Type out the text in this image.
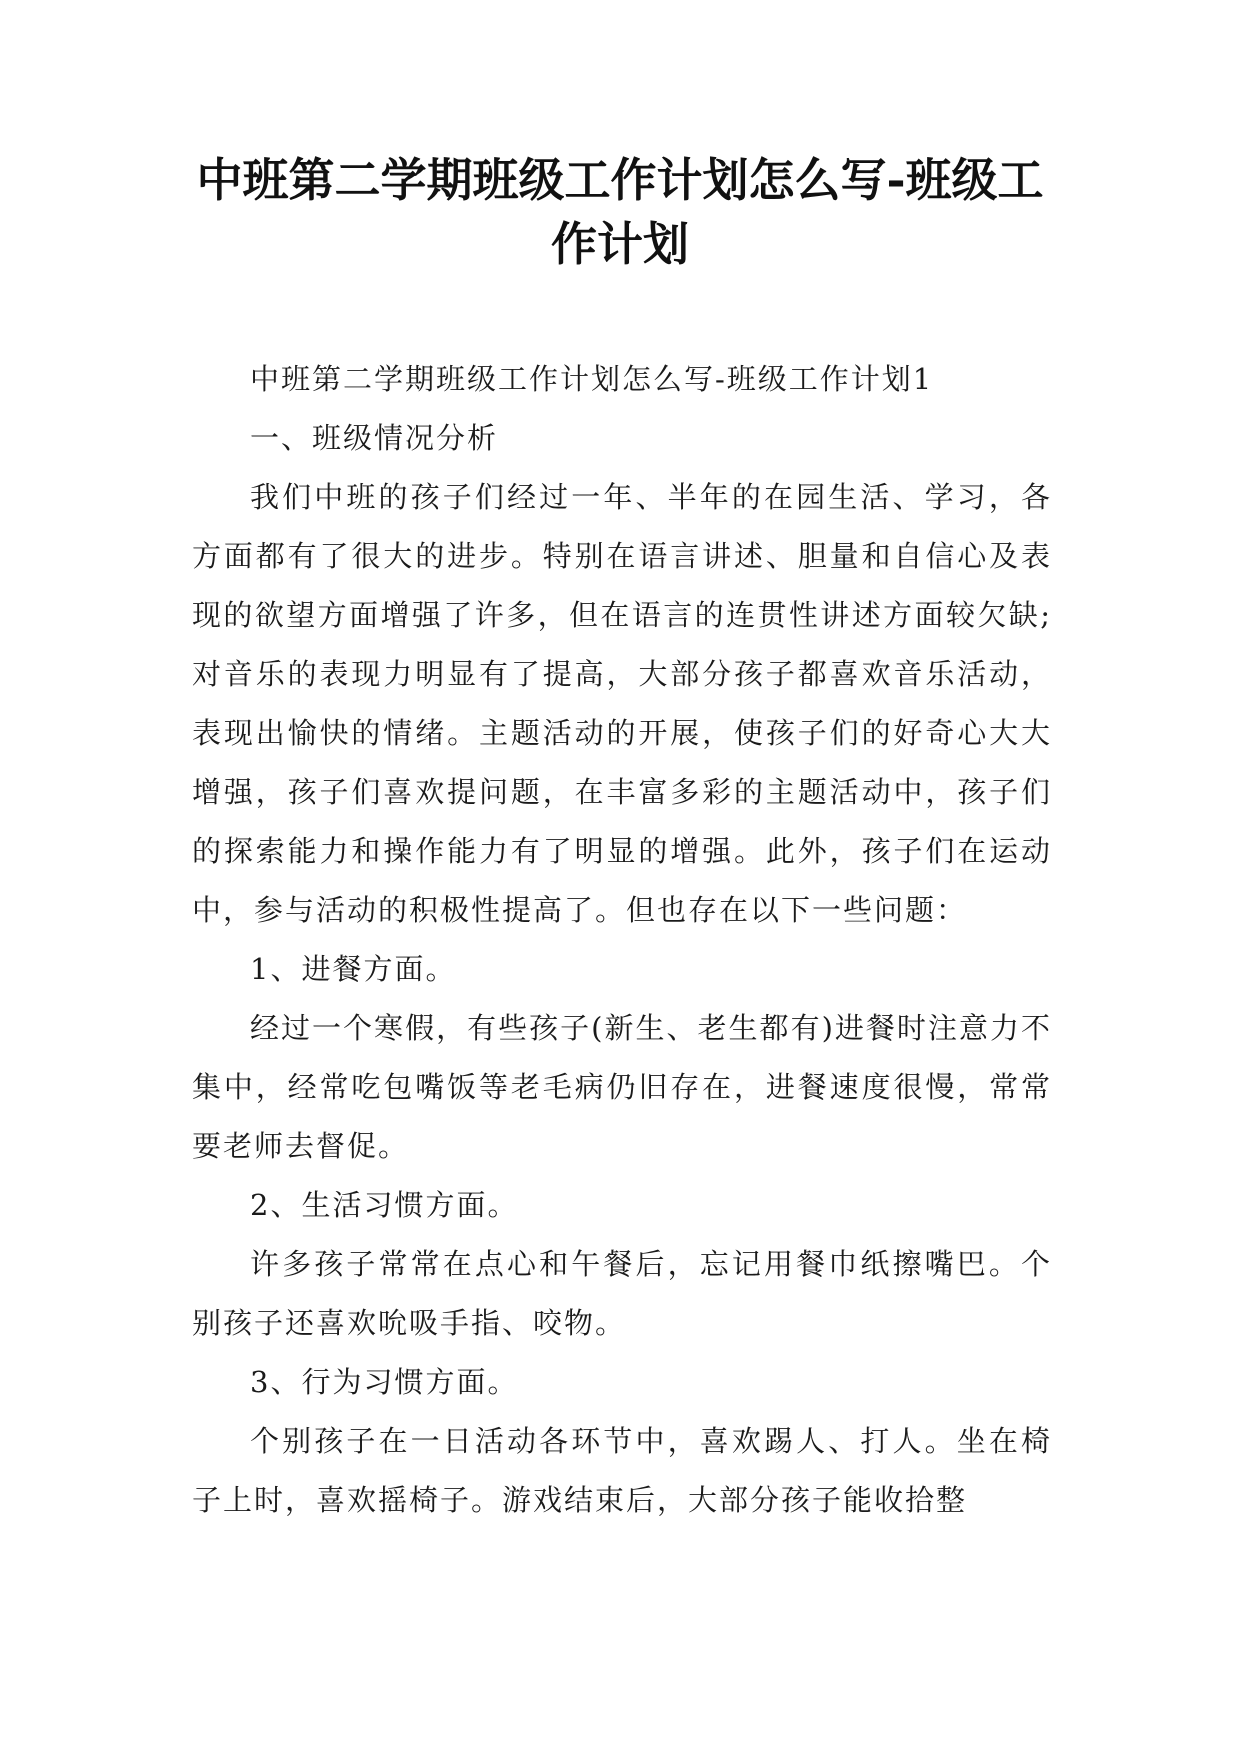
中班第二学期班级工作计划怎么写-班级工作计划

中班第二学期班级工作计划怎么写-班级工作计划1

一、班级情况分析

我们中班的孩子们经过一年、半年的在园生活、学习，各方面都有了很大的进步。特别在语言讲述、胆量和自信心及表现的欲望方面增强了许多，但在语言的连贯性讲述方面较欠缺;对音乐的表现力明显有了提高，大部分孩子都喜欢音乐活动，表现出愉快的情绪。主题活动的开展，使孩子们的好奇心大大增强，孩子们喜欢提问题，在丰富多彩的主题活动中，孩子们的探索能力和操作能力有了明显的增强。此外，孩子们在运动中，参与活动的积极性提高了。但也存在以下一些问题：

1、进餐方面。

经过一个寒假，有些孩子(新生、老生都有)进餐时注意力不集中，经常吃包嘴饭等老毛病仍旧存在，进餐速度很慢，常常要老师去督促。

2、生活习惯方面。

许多孩子常常在点心和午餐后，忘记用餐巾纸擦嘴巴。个别孩子还喜欢吮吸手指、咬物。

3、行为习惯方面。

个别孩子在一日活动各环节中，喜欢踢人、打人。坐在椅子上时，喜欢摇椅子。游戏结束后，大部分孩子能收拾整
